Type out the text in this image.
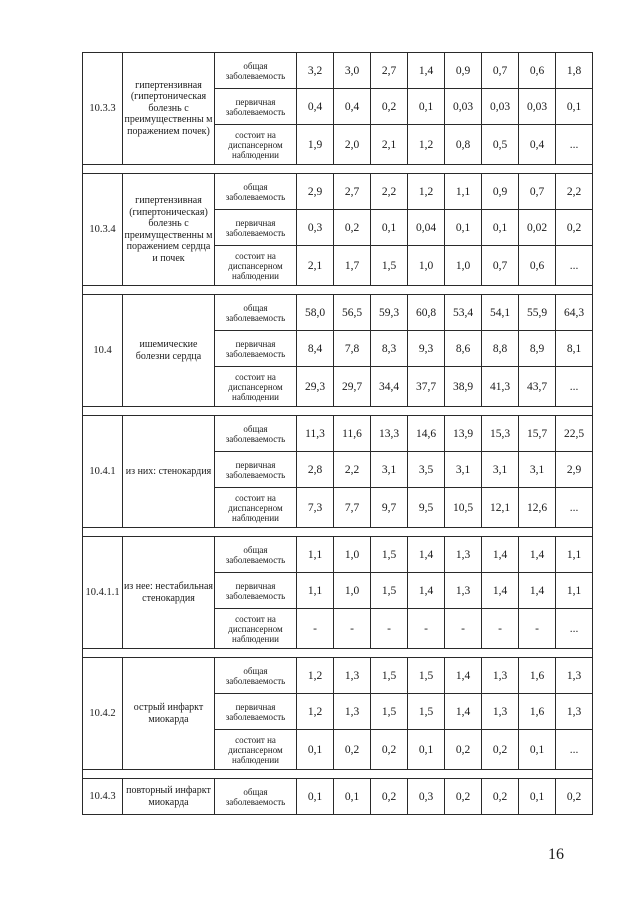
10.3.3	гипертензивная (гипертоническая болезнь с преимущественны м поражением почек)	общая заболеваемость	3,2	3,0	2,7	1,4	0,9	0,7	0,6	1,8
		первичная заболеваемость	0,4	0,4	0,2	0,1	0,03	0,03	0,03	0,1
		состоит на диспансерном наблюдении	1,9	2,0	2,1	1,2	0,8	0,5	0,4	...

10.3.4	гипертензивная (гипертоническая) болезнь с преимущественны м поражением сердца и почек	общая заболеваемость	2,9	2,7	2,2	1,2	1,1	0,9	0,7	2,2
		первичная заболеваемость	0,3	0,2	0,1	0,04	0,1	0,1	0,02	0,2
		состоит на диспансерном наблюдении	2,1	1,7	1,5	1,0	1,0	0,7	0,6	...

10.4	ишемические болезни сердца	общая заболеваемость	58,0	56,5	59,3	60,8	53,4	54,1	55,9	64,3
		первичная заболеваемость	8,4	7,8	8,3	9,3	8,6	8,8	8,9	8,1
		состоит на диспансерном наблюдении	29,3	29,7	34,4	37,7	38,9	41,3	43,7	...

10.4.1	из них: стенокардия	общая заболеваемость	11,3	11,6	13,3	14,6	13,9	15,3	15,7	22,5
		первичная заболеваемость	2,8	2,2	3,1	3,5	3,1	3,1	3,1	2,9
		состоит на диспансерном наблюдении	7,3	7,7	9,7	9,5	10,5	12,1	12,6	...

10.4.1.1	из нее: нестабильная стенокардия	общая заболеваемость	1,1	1,0	1,5	1,4	1,3	1,4	1,4	1,1
		первичная заболеваемость	1,1	1,0	1,5	1,4	1,3	1,4	1,4	1,1
		состоит на диспансерном наблюдении	-	-	-	-	-	-	-	...

10.4.2	острый инфаркт миокарда	общая заболеваемость	1,2	1,3	1,5	1,5	1,4	1,3	1,6	1,3
		первичная заболеваемость	1,2	1,3	1,5	1,5	1,4	1,3	1,6	1,3
		состоит на диспансерном наблюдении	0,1	0,2	0,2	0,1	0,2	0,2	0,1	...

10.4.3	повторный инфаркт миокарда	общая заболеваемость	0,1	0,1	0,2	0,3	0,2	0,2	0,1	0,2
16
